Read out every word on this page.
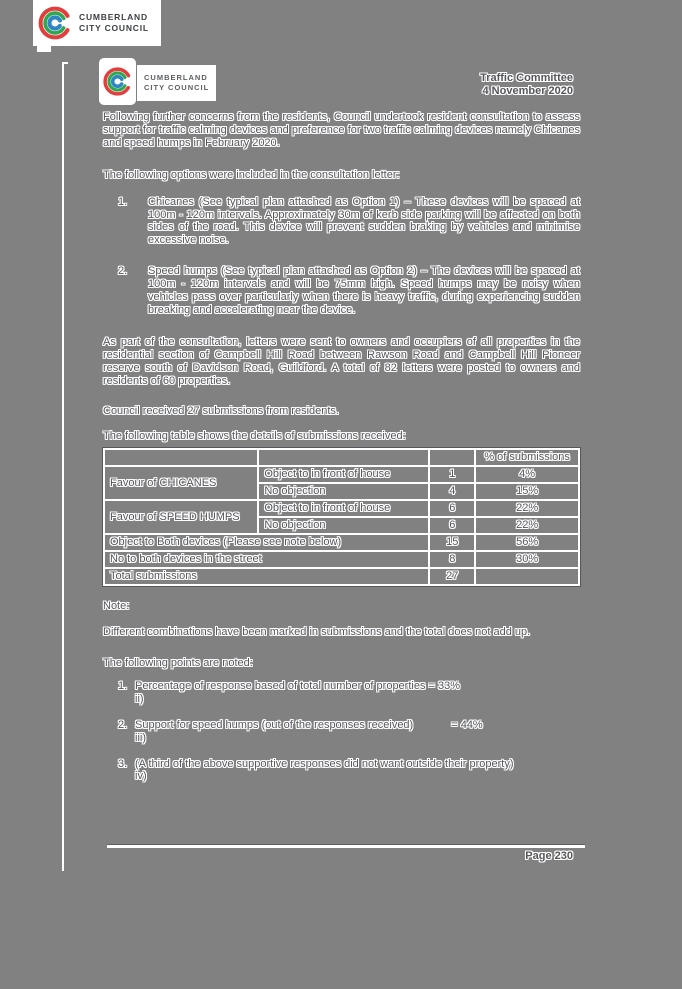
CUMBERLAND
CITY COUNCIL
CUMBERLAND
CITY COUNCIL
Traffic Committee
4 November 2020

Following further concerns from the residents, Council undertook resident consultation to assess support for traffic calming devices and preference for two traffic calming devices namely Chicanes and speed humps in February 2020.

The following options were included in the consultation letter:

1.	Chicanes (See typical plan attached as Option 1) – These devices will be spaced at 100m - 120m intervals. Approximately 30m of kerb side parking will be affected on both sides of the road. This device will prevent sudden braking by vehicles and minimise excessive noise.
2.	Speed humps (See typical plan attached as Option 2) – The devices will be spaced at 100m - 120m intervals and will be 75mm high. Speed humps may be noisy when vehicles pass over particularly when there is heavy traffic, during experiencing sudden breaking and accelerating near the device.

As part of the consultation, letters were sent to owners and occupiers of all properties in the residential section of Campbell Hill Road between Rawson Road and Campbell Hill Pioneer reserve south of Davidson Road, Guildford. A total of 82 letters were posted to owners and residents of 60 properties.

Council received 27 submissions from residents.

The following table shows the details of submissions received:

			% of submissions
Favour of CHICANES	Object to in front of house	1	4%
	No objection	4	15%
Favour of SPEED HUMPS	Object to in front of house	6	22%
	No objection	6	22%
Object to Both devices (Please see note below)		15	56%
No to both devices in the street		8	30%
Total submissions		27	

Note:

Different combinations have been marked in submissions and the total does not add up.

The following points are noted:

1. Percentage of response based of total number of properties = 33%
ii)
2. Support for speed humps (out of the responses received)	= 44%
iii)
3. (A third of the above supportive responses did not want outside their property)
iv)
Page 230
